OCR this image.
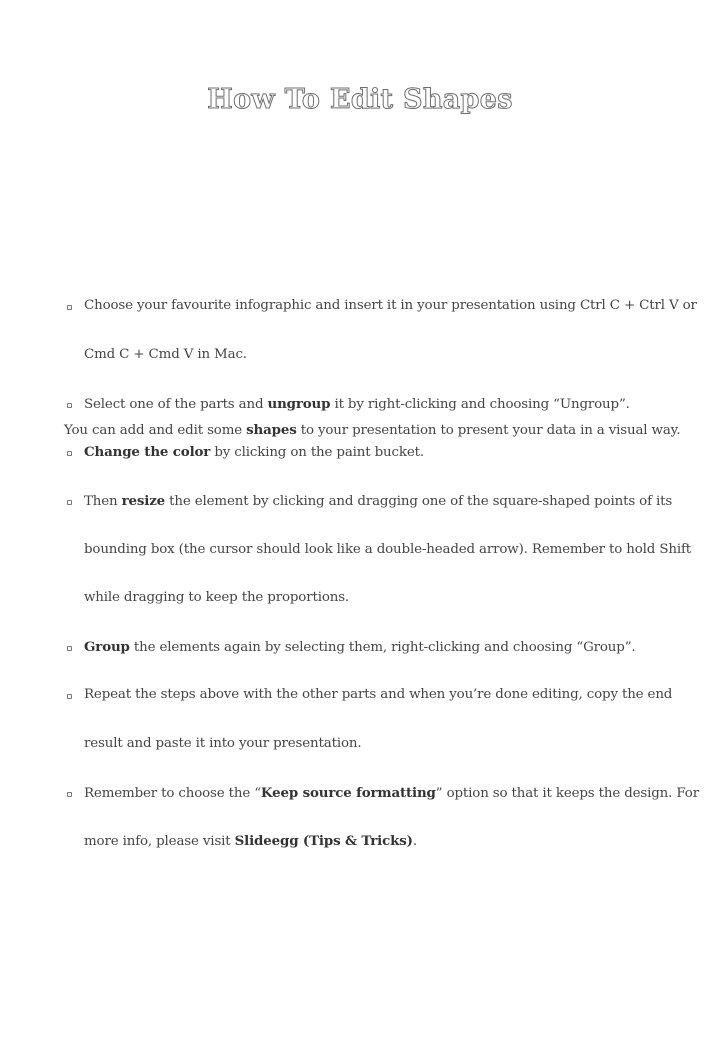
How To Edit Shapes
Choose your favourite infographic and insert it in your presentation using Ctrl C + Ctrl V or
Cmd C + Cmd V in Mac.
Select one of the parts and ungroup it by right-clicking and choosing “Ungroup”.
You can add and edit some shapes to your presentation to present your data in a visual way.
Change the color by clicking on the paint bucket.
Then resize the element by clicking and dragging one of the square-shaped points of its
bounding box (the cursor should look like a double-headed arrow). Remember to hold Shift
while dragging to keep the proportions.
Group the elements again by selecting them, right-clicking and choosing “Group”.
Repeat the steps above with the other parts and when you’re done editing, copy the end
result and paste it into your presentation.
Remember to choose the “Keep source formatting” option so that it keeps the design. For
more info, please visit Slideegg (Tips & Tricks).
